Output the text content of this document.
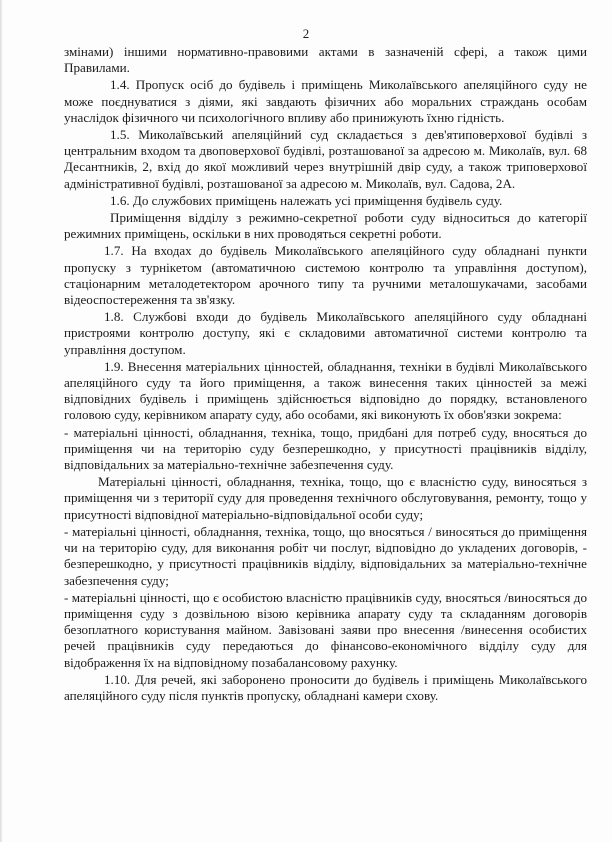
2

змінами) іншими нормативно-правовими актами в зазначеній сфері, а також цими Правилами.

1.4. Пропуск осіб до будівель і приміщень Миколаївського апеляційного суду не може поєднуватися з діями, які завдають фізичних або моральних страждань особам унаслідок фізичного чи психологічного впливу або принижують їхню гідність.

1.5. Миколаївський апеляційний суд складається з дев'ятиповерхової будівлі з центральним входом та двоповерхової будівлі, розташованої за адресою м. Миколаїв, вул. 68 Десантників, 2, вхід до якої можливий через внутрішній двір суду, а також триповерхової адміністративної будівлі, розташованої за адресою м. Миколаїв, вул. Садова, 2А.

1.6. До службових приміщень належать усі приміщення будівель суду.

Приміщення відділу з режимно-секретної роботи суду відноситься до категорії режимних приміщень, оскільки в них проводяться секретні роботи.

1.7. На входах до будівель Миколаївського апеляційного суду обладнані пункти пропуску з турнікетом (автоматичною системою контролю та управління доступом), стаціонарним металодетектором арочного типу та ручними металошукачами, засобами відеоспостереження та зв'язку.

1.8. Службові входи до будівель Миколаївського апеляційного суду обладнані пристроями контролю доступу, які є складовими автоматичної системи контролю та управління доступом.

1.9. Внесення матеріальних цінностей, обладнання, техніки в будівлі Миколаївського апеляційного суду та його приміщення, а також винесення таких цінностей за межі відповідних будівель і приміщень здійснюється відповідно до порядку, встановленого головою суду, керівником апарату суду, або особами, які виконують їх обов'язки зокрема:

- матеріальні цінності, обладнання, техніка, тощо, придбані для потреб суду, вносяться до приміщення чи на територію суду безперешкодно, у присутності працівників відділу, відповідальних за матеріально-технічне забезпечення суду.

Матеріальні цінності, обладнання, техніка, тощо, що є власністю суду, виносяться з приміщення чи з території суду для проведення технічного обслуговування, ремонту, тощо у присутності відповідної матеріально-відповідальної особи суду;

- матеріальні цінності, обладнання, техніка, тощо, що вносяться / виносяться до приміщення чи на територію суду, для виконання робіт чи послуг, відповідно до укладених договорів, - безперешкодно, у присутності працівників відділу, відповідальних за матеріально-технічне забезпечення суду;

- матеріальні цінності, що є особистою власністю працівників суду, вносяться /виносяться до приміщення суду з дозвільною візою керівника апарату суду та складанням договорів безоплатного користування майном. Завізовані заяви про внесення /винесення особистих речей працівників суду передаються до фінансово-економічного відділу суду для відображення їх на відповідному позабалансовому рахунку.

1.10. Для речей, які заборонено проносити до будівель і приміщень Миколаївського апеляційного суду після пунктів пропуску, обладнані камери схову.
